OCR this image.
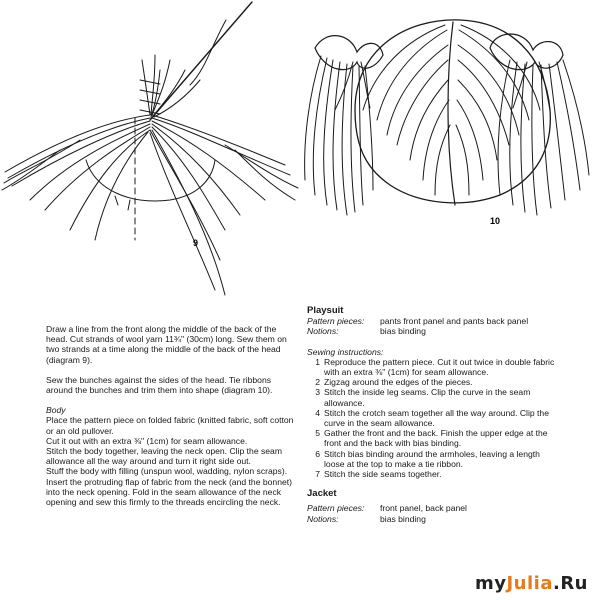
9
10

Draw a line from the front along the middle of the back of the head. Cut strands of wool yarn 11¾" (30cm) long. Sew them on two strands at a time along the middle of the back of the head (diagram 9).

Sew the bunches against the sides of the head. Tie ribbons around the bunches and trim them into shape (diagram 10).

Body

Place the pattern piece on folded fabric (knitted fabric, soft cotton or an old pullover.

Cut it out with an extra ⅜" (1cm) for seam allowance.

Stitch the body together, leaving the neck open. Clip the seam allowance all the way around and turn it right side out.

Stuff the body with filling (unspun wool, wadding, nylon scraps).

Insert the protruding flap of fabric from the neck (and the bonnet) into the neck opening. Fold in the seam allowance of the neck opening and sew this firmly to the threads encircling the neck.

Playsuit

Pattern pieces:	pants front panel and pants back panel
Notions:	bias binding

Sewing instructions:

1 Reproduce the pattern piece. Cut it out twice in double fabric with an extra ⅜" (1cm) for seam allowance.
2 Zigzag around the edges of the pieces.
3 Stitch the inside leg seams. Clip the curve in the seam allowance.
4 Stitch the crotch seam together all the way around. Clip the curve in the seam allowance.
5 Gather the front and the back. Finish the upper edge at the front and the back with bias binding.
6 Stitch bias binding around the armholes, leaving a length loose at the top to make a tie ribbon.
7 Stitch the side seams together.

Jacket

Pattern pieces:	front panel, back panel
Notions:	bias binding
myJulia.Ru
